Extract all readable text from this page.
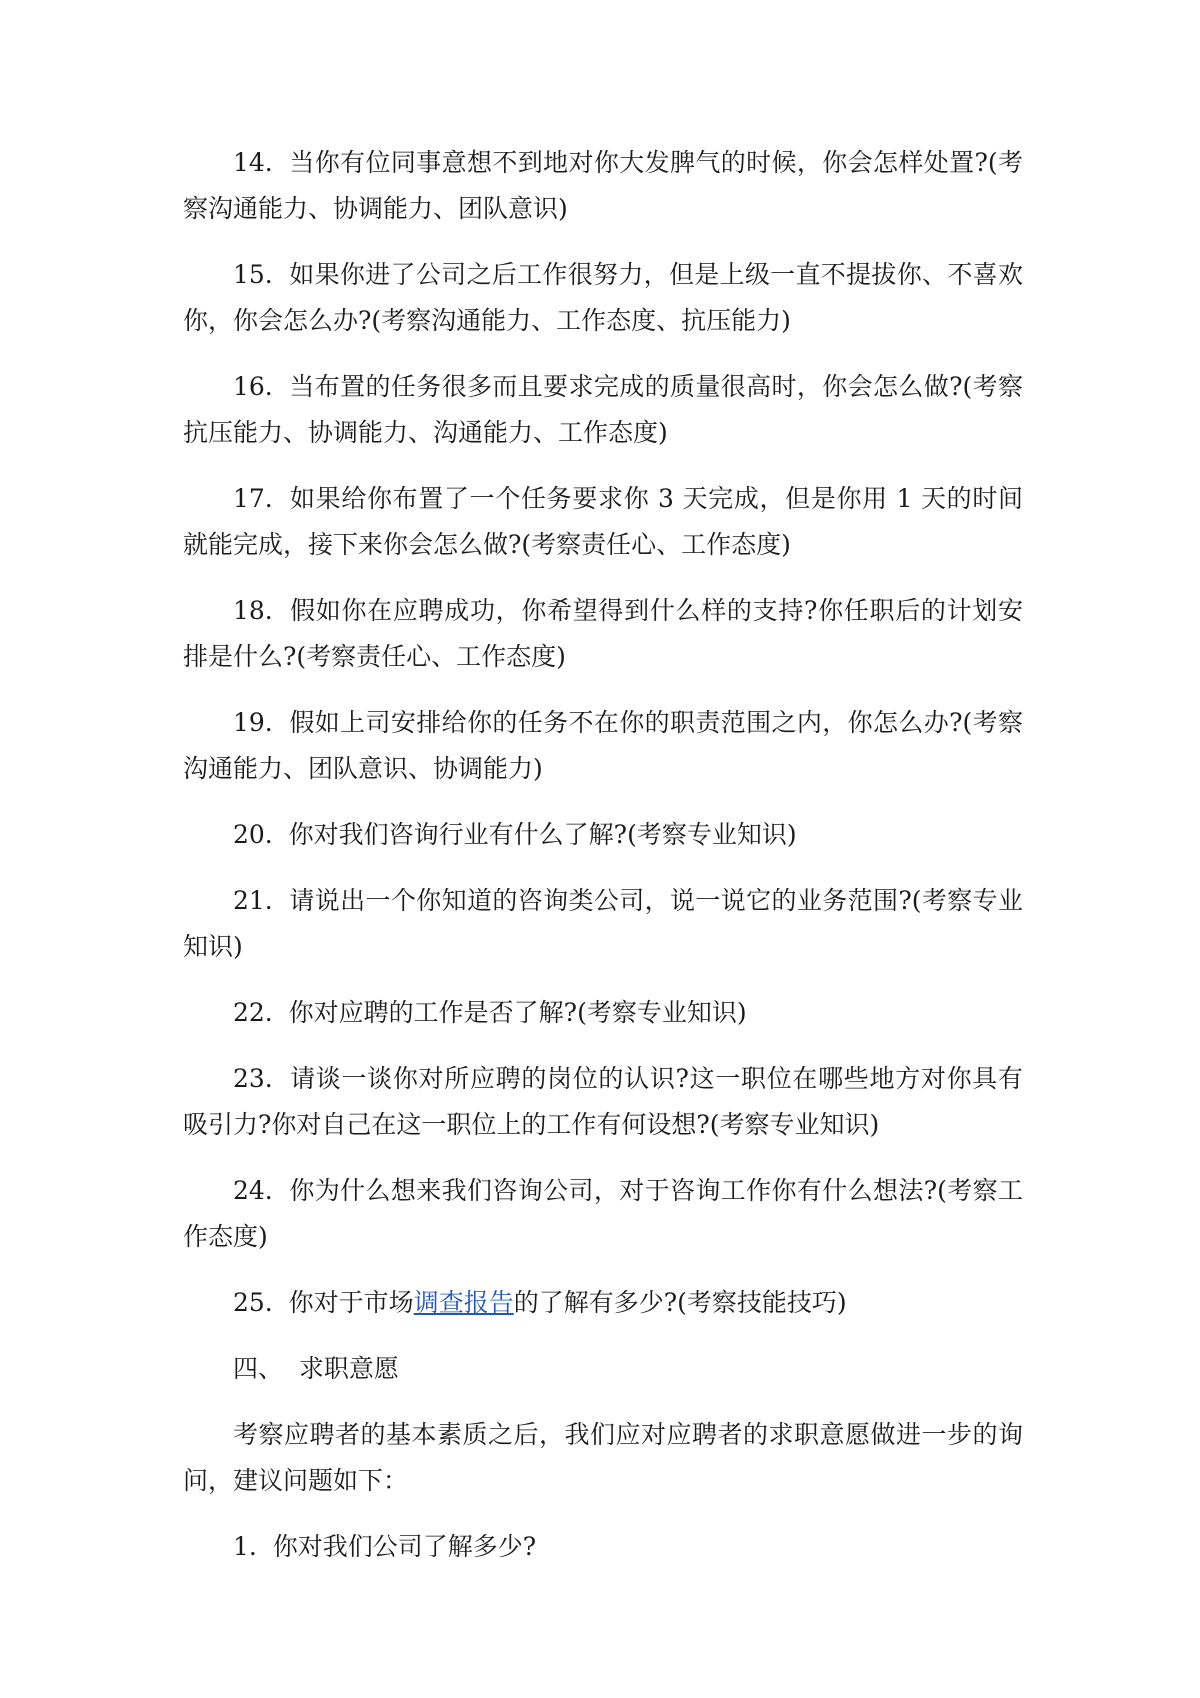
14. 当你有位同事意想不到地对你大发脾气的时候，你会怎样处置?(考察沟通能力、协调能力、团队意识)

15. 如果你进了公司之后工作很努力，但是上级一直不提拔你、不喜欢你，你会怎么办?(考察沟通能力、工作态度、抗压能力)

16. 当布置的任务很多而且要求完成的质量很高时，你会怎么做?(考察抗压能力、协调能力、沟通能力、工作态度)

17. 如果给你布置了一个任务要求你 3 天完成，但是你用 1 天的时间就能完成，接下来你会怎么做?(考察责任心、工作态度)

18. 假如你在应聘成功，你希望得到什么样的支持?你任职后的计划安排是什么?(考察责任心、工作态度)

19. 假如上司安排给你的任务不在你的职责范围之内，你怎么办?(考察沟通能力、团队意识、协调能力)

20. 你对我们咨询行业有什么了解?(考察专业知识)

21. 请说出一个你知道的咨询类公司，说一说它的业务范围?(考察专业知识)

22. 你对应聘的工作是否了解?(考察专业知识)

23. 请谈一谈你对所应聘的岗位的认识?这一职位在哪些地方对你具有吸引力?你对自己在这一职位上的工作有何设想?(考察专业知识)

24. 你为什么想来我们咨询公司，对于咨询工作你有什么想法?(考察工作态度)

25. 你对于市场调查报告的了解有多少?(考察技能技巧)

四、 求职意愿

考察应聘者的基本素质之后，我们应对应聘者的求职意愿做进一步的询问，建议问题如下：

1. 你对我们公司了解多少?
